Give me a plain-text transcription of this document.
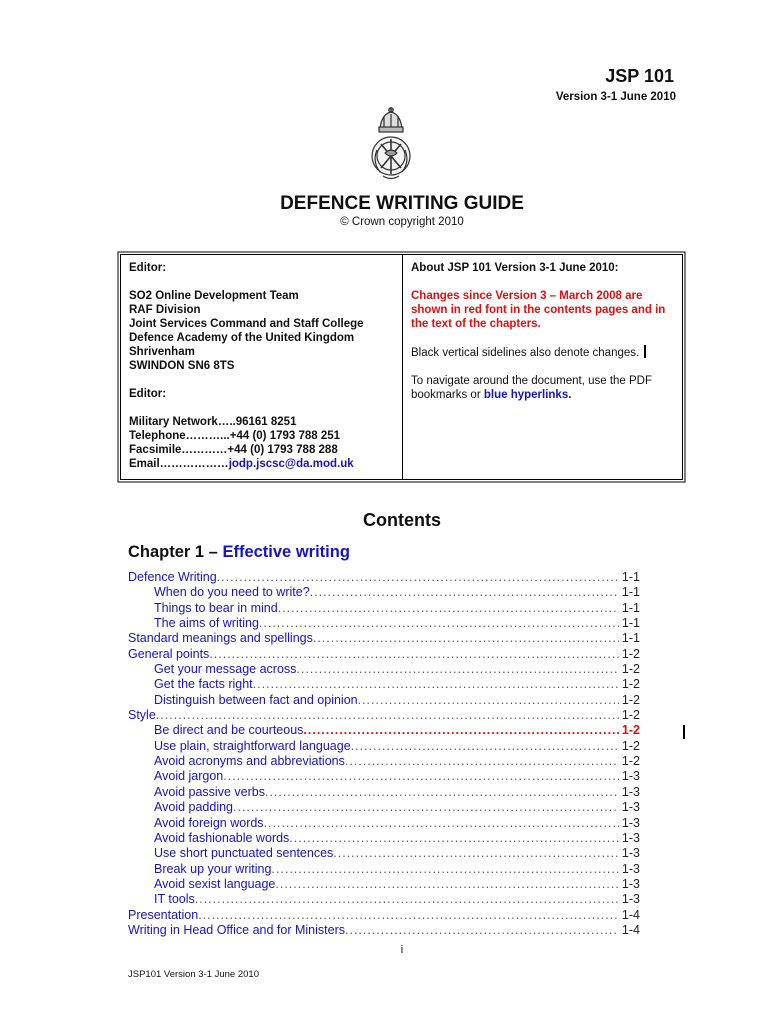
JSP 101
Version 3-1 June 2010
DEFENCE WRITING GUIDE
© Crown copyright 2010
Editor:
SO2 Online Development Team
RAF Division
Joint Services Command and Staff College
Defence Academy of the United Kingdom
Shrivenham
SWINDON SN6 8TS
Editor:
Military Network…..96161 8251
Telephone………...+44 (0) 1793 788 251
Facsimile…………+44 (0) 1793 788 288
Email………………jodp.jscsc@da.mod.uk
About JSP 101 Version 3-1 June 2010:
Changes since Version 3 – March 2008 are shown in red font in the contents pages and in the text of the chapters.
Black vertical sidelines also denote changes.
To navigate around the document, use the PDF bookmarks or blue hyperlinks.
Contents
Chapter 1 – Effective writing
Defence Writing .....	1-1
When do you need to write? .....	1-1
Things to bear in mind .....	1-1
The aims of writing .....	1-1
Standard meanings and spellings .....	1-1
General points .....	1-2
Get your message across .....	1-2
Get the facts right .....	1-2
Distinguish between fact and opinion .....	1-2
Style .....	1-2
Be direct and be courteous .....	1-2
Use plain, straightforward language .....	1-2
Avoid acronyms and abbreviations .....	1-2
Avoid jargon .....	1-3
Avoid passive verbs .....	1-3
Avoid padding .....	1-3
Avoid foreign words .....	1-3
Avoid fashionable words .....	1-3
Use short punctuated sentences .....	1-3
Break up your writing .....	1-3
Avoid sexist language .....	1-3
IT tools .....	1-3
Presentation .....	1-4
Writing in Head Office and for Ministers .....	1-4
i
JSP101 Version 3-1 June 2010
